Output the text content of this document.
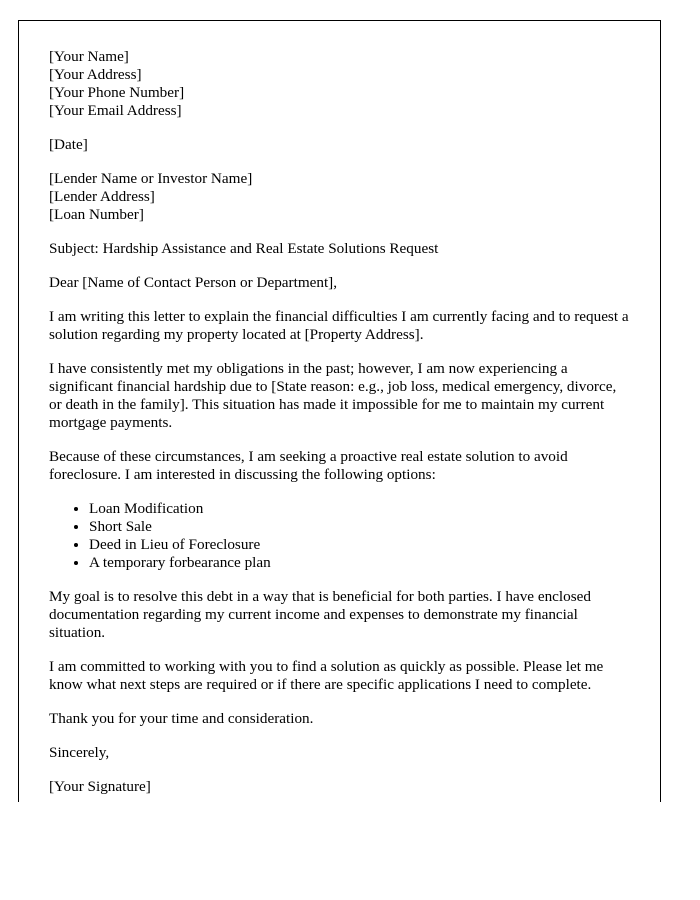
[Your Name]
[Your Address]
[Your Phone Number]
[Your Email Address]
[Date]
[Lender Name or Investor Name]
[Lender Address]
[Loan Number]

Subject: Hardship Assistance and Real Estate Solutions Request

Dear [Name of Contact Person or Department],

I am writing this letter to explain the financial difficulties I am currently facing and to request a solution regarding my property located at [Property Address].

I have consistently met my obligations in the past; however, I am now experiencing a significant financial hardship due to [State reason: e.g., job loss, medical emergency, divorce, or death in the family]. This situation has made it impossible for me to maintain my current mortgage payments.

Because of these circumstances, I am seeking a proactive real estate solution to avoid foreclosure. I am interested in discussing the following options:

• Loan Modification
• Short Sale
• Deed in Lieu of Foreclosure
• A temporary forbearance plan

My goal is to resolve this debt in a way that is beneficial for both parties. I have enclosed documentation regarding my current income and expenses to demonstrate my financial situation.

I am committed to working with you to find a solution as quickly as possible. Please let me know what next steps are required or if there are specific applications I need to complete.

Thank you for your time and consideration.

Sincerely,

[Your Signature]
